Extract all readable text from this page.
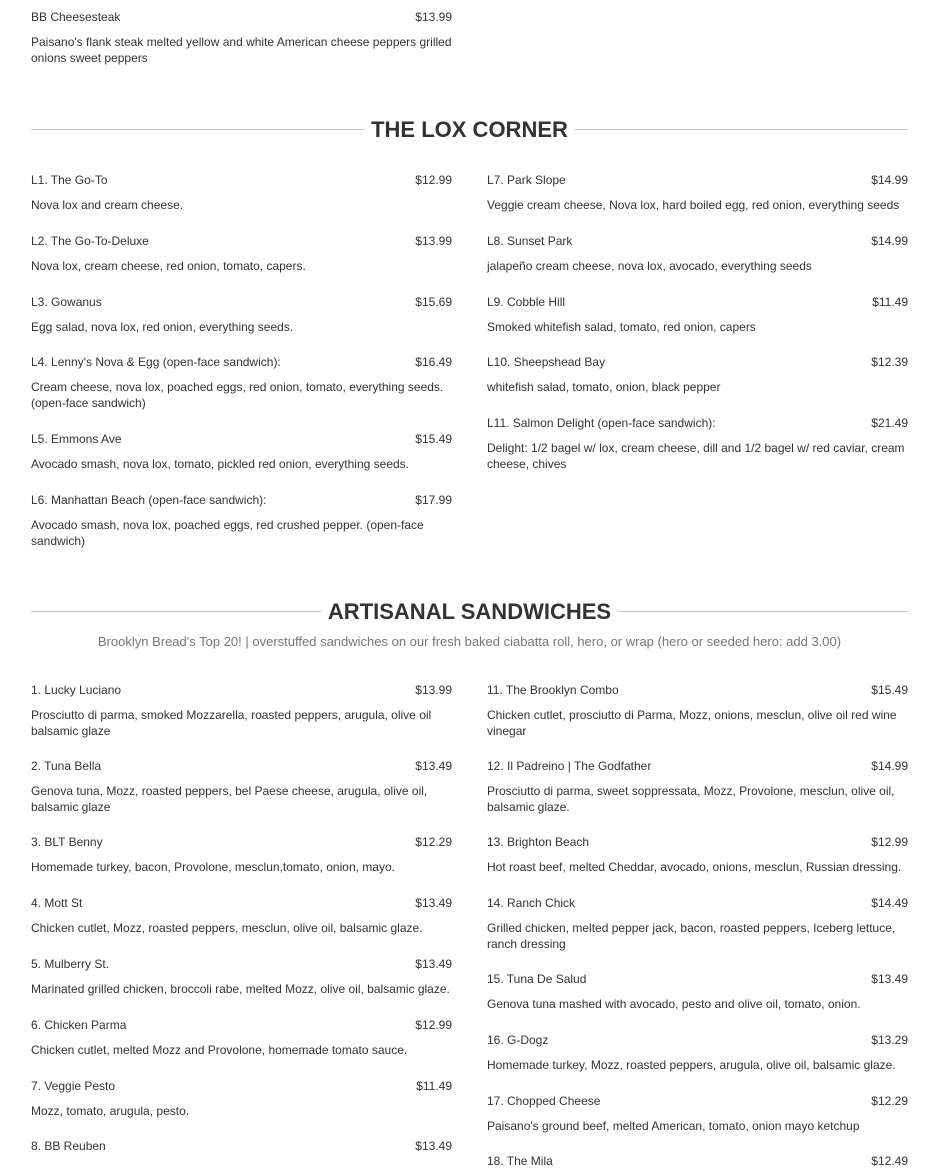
BB Cheesesteak	$13.99
Paisano's flank steak melted yellow and white American cheese peppers grilled onions sweet peppers
THE LOX CORNER
L1. The Go-To	$12.99
Nova lox and cream cheese.
L2. The Go-To-Deluxe	$13.99
Nova lox, cream cheese, red onion, tomato, capers.
L3. Gowanus	$15.69
Egg salad, nova lox, red onion, everything seeds.
L4. Lenny's Nova & Egg (open-face sandwich):	$16.49
Cream cheese, nova lox, poached eggs, red onion, tomato, everything seeds. (open-face sandwich)
L5. Emmons Ave	$15.49
Avocado smash, nova lox, tomato, pickled red onion, everything seeds.
L6. Manhattan Beach (open-face sandwich):	$17.99
Avocado smash, nova lox, poached eggs, red crushed pepper. (open-face sandwich)
L7. Park Slope	$14.99
Veggie cream cheese, Nova lox, hard boiled egg, red onion, everything seeds
L8. Sunset Park	$14.99
jalapeño cream cheese, nova lox, avocado, everything seeds
L9. Cobble Hill	$11.49
Smoked whitefish salad, tomato, red onion, capers
L10. Sheepshead Bay	$12.39
whitefish salad, tomato, onion, black pepper
L11. Salmon Delight (open-face sandwich):	$21.49
Delight: 1/2 bagel w/ lox, cream cheese, dill and 1/2 bagel w/ red caviar, cream cheese, chives
ARTISANAL SANDWICHES
Brooklyn Bread's Top 20! | overstuffed sandwiches on our fresh baked ciabatta roll, hero, or wrap (hero or seeded hero: add 3.00)
1. Lucky Luciano	$13.99
Prosciutto di parma, smoked Mozzarella, roasted peppers, arugula, olive oil balsamic glaze
2. Tuna Bella	$13.49
Genova tuna, Mozz, roasted peppers, bel Paese cheese, arugula, olive oil, balsamic glaze
3. BLT Benny	$12.29
Homemade turkey, bacon, Provolone, mesclun,tomato, onion, mayo.
4. Mott St	$13.49
Chicken cutlet, Mozz, roasted peppers, mesclun, olive oil, balsamic glaze.
5. Mulberry St.	$13.49
Marinated grilled chicken, broccoli rabe, melted Mozz, olive oil, balsamic glaze.
6. Chicken Parma	$12.99
Chicken cutlet, melted Mozz and Provolone, homemade tomato sauce.
7. Veggie Pesto	$11.49
Mozz, tomato, arugula, pesto.
8. BB Reuben	$13.49
11. The Brooklyn Combo	$15.49
Chicken cutlet, prosciutto di Parma, Mozz, onions, mesclun, olive oil red wine vinegar
12. Il Padreino | The Godfather	$14.99
Prosciutto di parma, sweet soppressata, Mozz, Provolone, mesclun, olive oil, balsamic glaze.
13. Brighton Beach	$12.99
Hot roast beef, melted Cheddar, avocado, onions, mesclun, Russian dressing.
14. Ranch Chick	$14.49
Grilled chicken, melted pepper jack, bacon, roasted peppers, Iceberg lettuce, ranch dressing
15. Tuna De Salud	$13.49
Genova tuna mashed with avocado, pesto and olive oil, tomato, onion.
16. G-Dogz	$13.29
Homemade turkey, Mozz, roasted peppers, arugula, olive oil, balsamic glaze.
17. Chopped Cheese	$12.29
Paisano's ground beef, melted American, tomato, onion mayo ketchup
18. The Mila	$12.49
